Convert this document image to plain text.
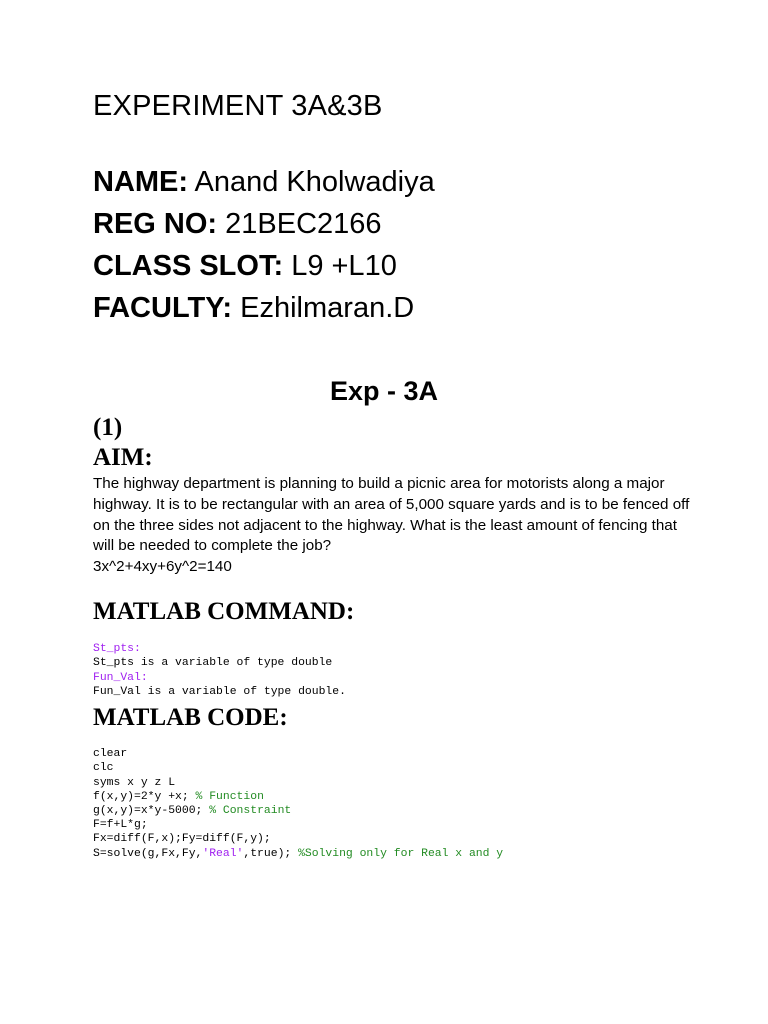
EXPERIMENT 3A&3B
NAME: Anand Kholwadiya
REG NO: 21BEC2166
CLASS SLOT: L9 +L10
FACULTY: Ezhilmaran.D
Exp - 3A
(1)
AIM:
The highway department is planning to build a picnic area for motorists along a major highway. It is to be rectangular with an area of 5,000 square yards and is to be fenced off on the three sides not adjacent to the highway. What is the least amount of fencing that will be needed to complete the job?
3x^2+4xy+6y^2=140
MATLAB COMMAND:

St_pts:
St_pts is a variable of type double
Fun_Val:
Fun_Val is a variable of type double.

MATLAB CODE:

clear
clc
syms x y z L
f(x,y)=2*y +x; % Function
g(x,y)=x*y-5000; % Constraint
F=f+L*g;
Fx=diff(F,x);Fy=diff(F,y);
S=solve(g,Fx,Fy,'Real',true); %Solving only for Real x and y
